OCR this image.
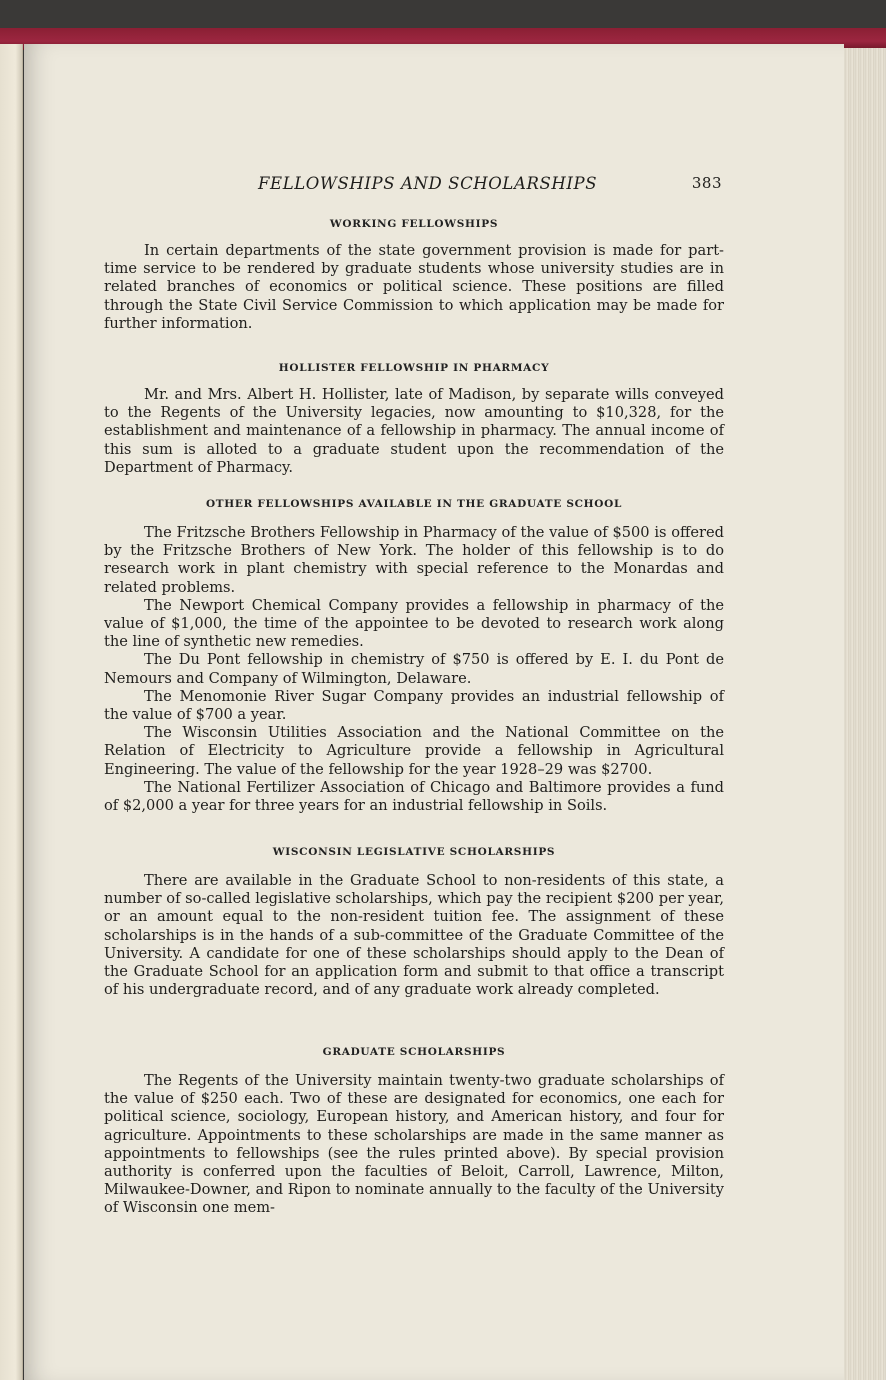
FELLOWSHIPS AND SCHOLARSHIPS	383
WORKING FELLOWSHIPS

In certain departments of the state government provision is made for part-time service to be rendered by graduate students whose university studies are in related branches of economics or political science. These positions are filled through the State Civil Service Commission to which application may be made for further information.

HOLLISTER FELLOWSHIP IN PHARMACY

Mr. and Mrs. Albert H. Hollister, late of Madison, by separate wills conveyed to the Regents of the University legacies, now amounting to $10,328, for the establishment and maintenance of a fellowship in pharmacy. The annual income of this sum is alloted to a graduate student upon the recommendation of the Department of Pharmacy.

OTHER FELLOWSHIPS AVAILABLE IN THE GRADUATE SCHOOL

The Fritzsche Brothers Fellowship in Pharmacy of the value of $500 is offered by the Fritzsche Brothers of New York. The holder of this fellowship is to do research work in plant chemistry with special reference to the Monardas and related problems.

The Newport Chemical Company provides a fellowship in pharmacy of the value of $1,000, the time of the appointee to be devoted to research work along the line of synthetic new remedies.

The Du Pont fellowship in chemistry of $750 is offered by E. I. du Pont de Nemours and Company of Wilmington, Delaware.

The Menomonie River Sugar Company provides an industrial fellowship of the value of $700 a year.

The Wisconsin Utilities Association and the National Committee on the Relation of Electricity to Agriculture provide a fellowship in Agricultural Engineering. The value of the fellowship for the year 1928–29 was $2700.

The National Fertilizer Association of Chicago and Baltimore provides a fund of $2,000 a year for three years for an industrial fellowship in Soils.

WISCONSIN LEGISLATIVE SCHOLARSHIPS

There are available in the Graduate School to non-residents of this state, a number of so-called legislative scholarships, which pay the recipient $200 per year, or an amount equal to the non-resident tuition fee. The assignment of these scholarships is in the hands of a sub-committee of the Graduate Committee of the University. A candidate for one of these scholarships should apply to the Dean of the Graduate School for an application form and submit to that office a transcript of his undergraduate record, and of any graduate work already completed.

GRADUATE SCHOLARSHIPS

The Regents of the University maintain twenty-two graduate scholarships of the value of $250 each. Two of these are designated for economics, one each for political science, sociology, European history, and American history, and four for agriculture. Appointments to these scholarships are made in the same manner as appointments to fellowships (see the rules printed above). By special provision authority is conferred upon the faculties of Beloit, Carroll, Lawrence, Milton, Milwaukee-Downer, and Ripon to nominate annually to the faculty of the University of Wisconsin one mem-
